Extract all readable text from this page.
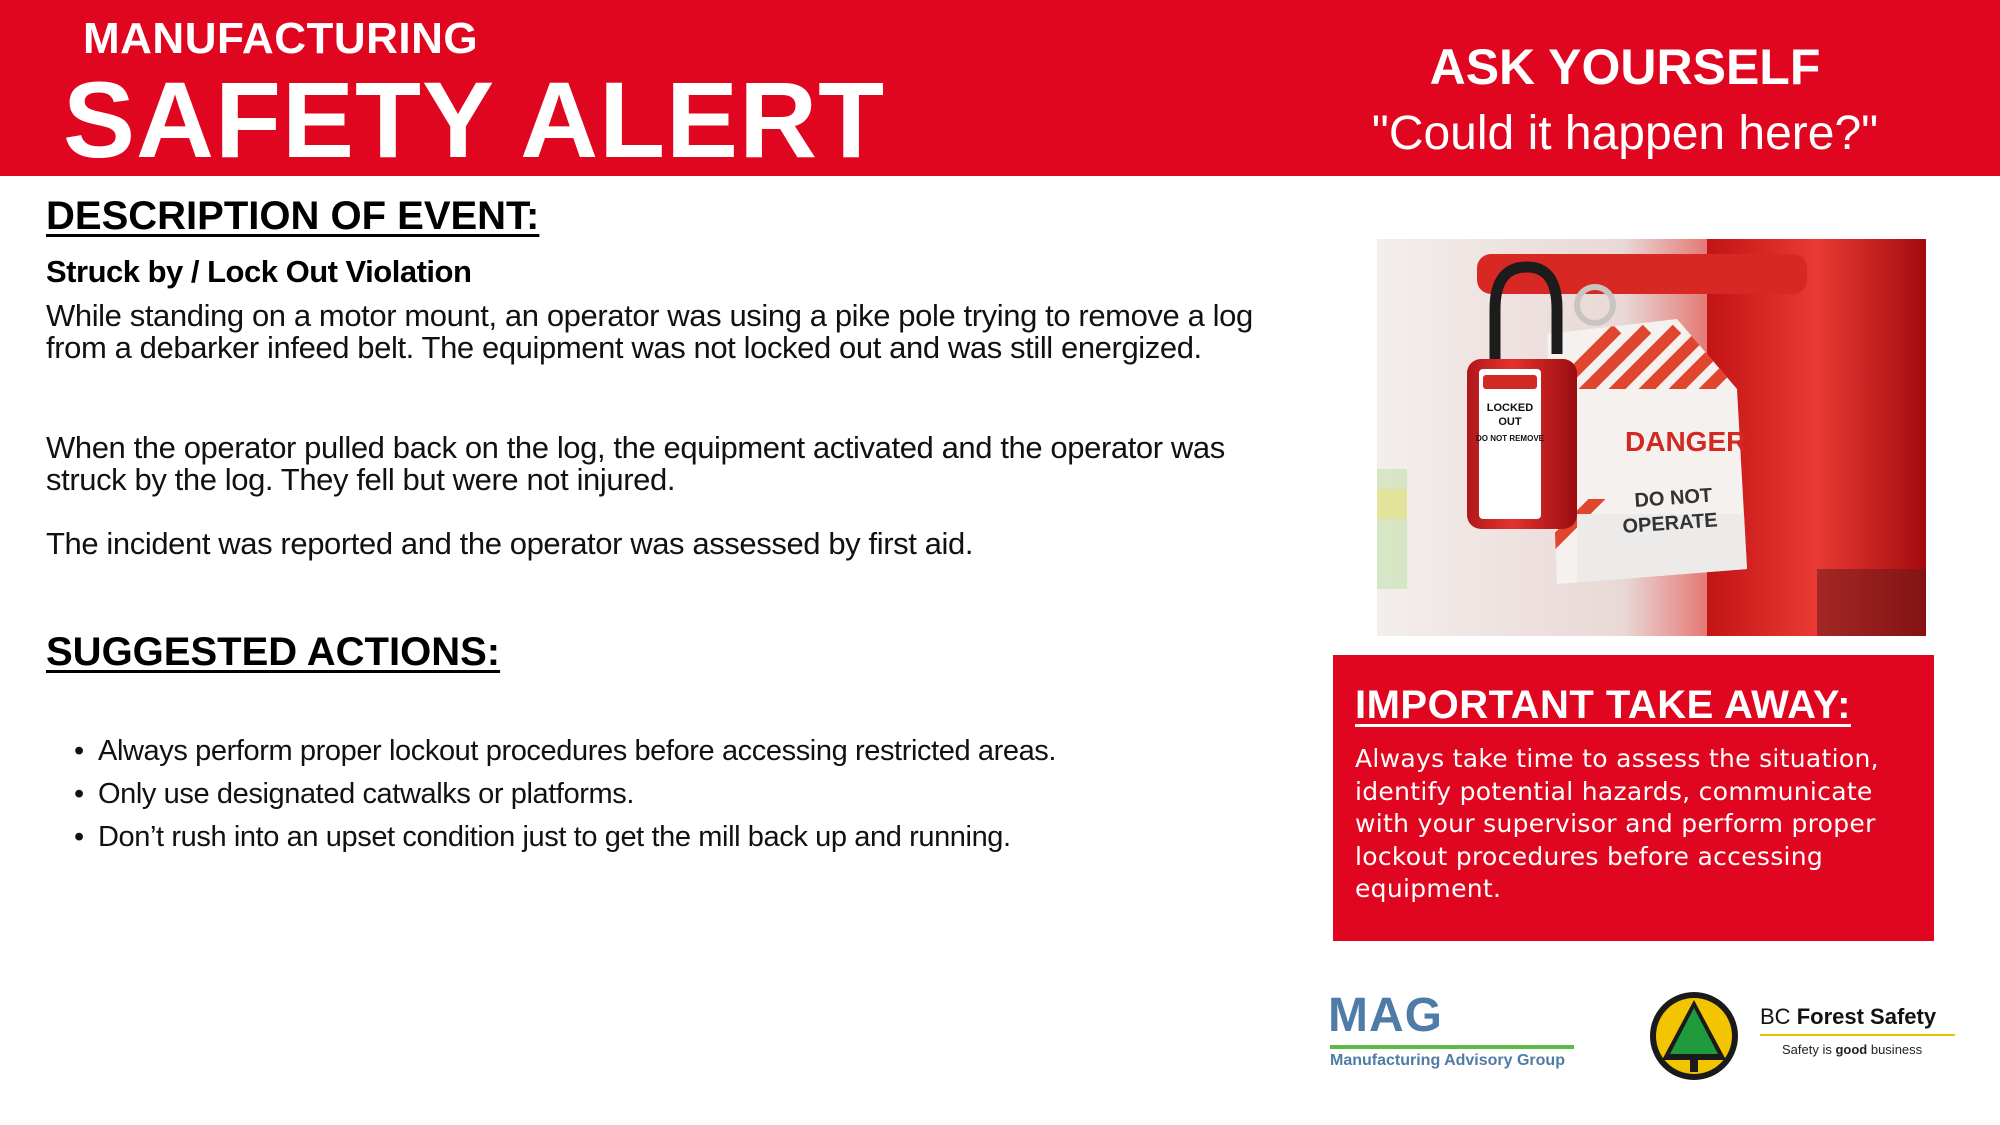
MANUFACTURING
SAFETY ALERT	ASK YOURSELF
"Could it happen here?"
DESCRIPTION OF EVENT:
Struck by / Lock Out Violation

While standing on a motor mount, an operator was using a pike pole trying to remove a log from a debarker infeed belt. The equipment was not locked out and was still energized.

When the operator pulled back on the log, the equipment activated and the operator was struck by the log. They fell but were not injured.

The incident was reported and the operator was assessed by first aid.

SUGGESTED ACTIONS:
• Always perform proper lockout procedures before accessing restricted areas.
• Only use designated catwalks or platforms.
• Don’t rush into an upset condition just to get the mill back up and running.
DANGER
DO NOT
OPERATE
LOCKED
OUT
DO NOT REMOVE
IMPORTANT TAKE AWAY:

Always take time to assess the situation, identify potential hazards, communicate with your supervisor and perform proper lockout procedures before accessing equipment.

MAG
Manufacturing Advisory Group
BC Forest Safety
Safety is good business
